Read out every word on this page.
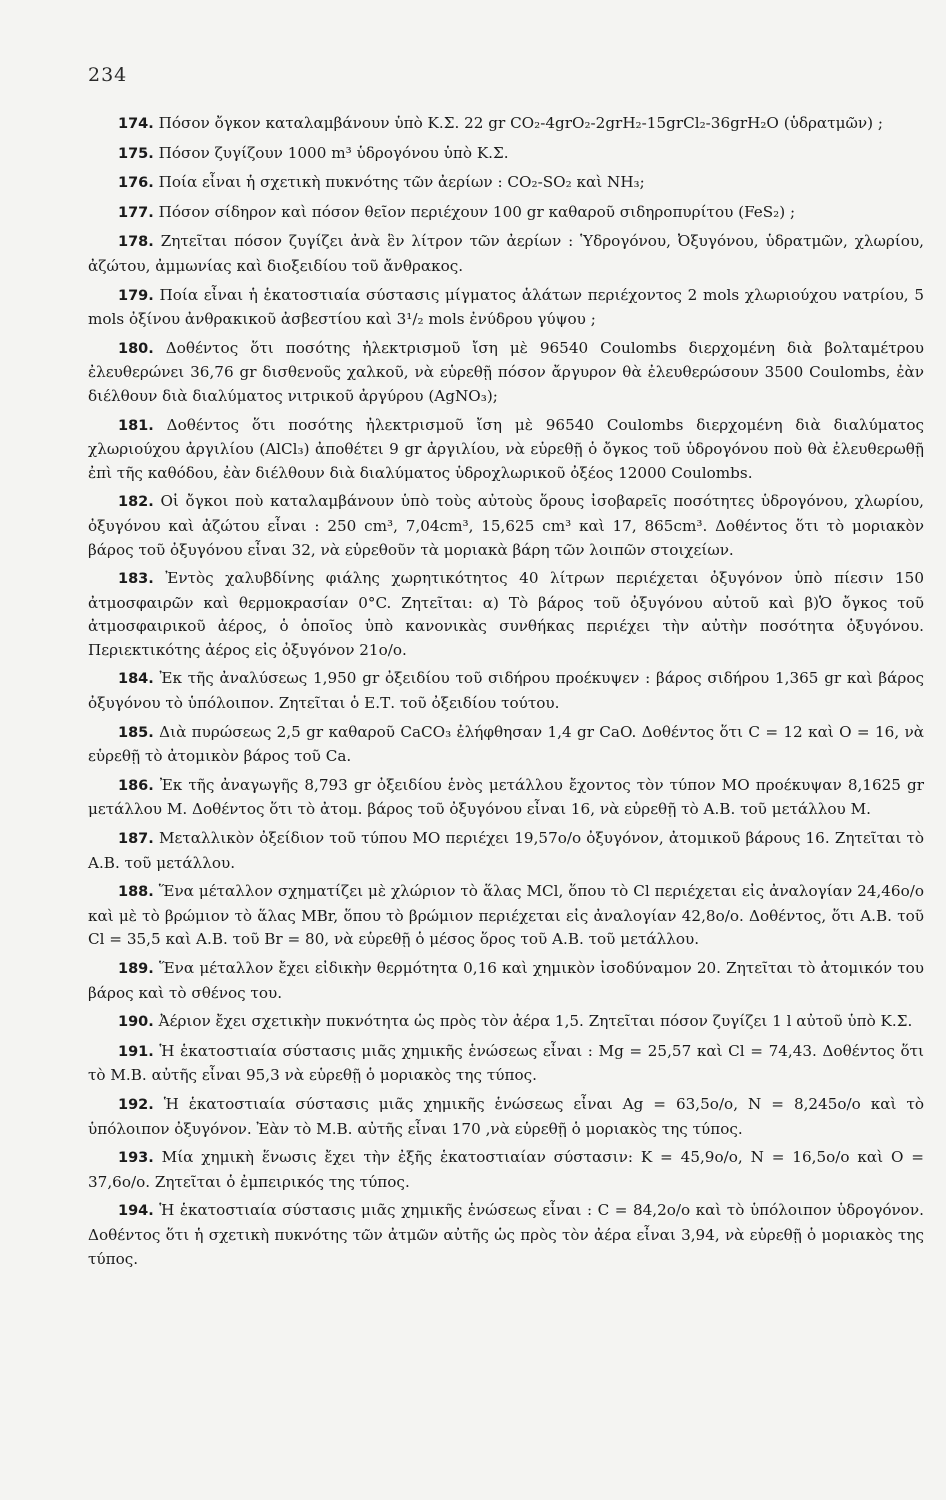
234

174. Πόσον ὄγκον καταλαμβάνουν ὑπὸ Κ.Σ. 22 gr CO₂-4grO₂-2grH₂-15grCl₂-36grH₂O (ὑδρατμῶν) ;

175. Πόσον ζυγίζουν 1000 m³ ὑδρογόνου ὑπὸ Κ.Σ.

176. Ποία εἶναι ἡ σχετικὴ πυκνότης τῶν ἀερίων : CO₂-SO₂ καὶ NH₃;

177. Πόσον σίδηρον καὶ πόσον θεῖον περιέχουν 100 gr καθαροῦ σιδηροπυρίτου (FeS₂) ;

178. Ζητεῖται πόσον ζυγίζει ἀνὰ ἓν λίτρον τῶν ἀερίων : Ὑδρογόνου, Ὀξυγόνου, ὑδρατμῶν, χλωρίου, ἀζώτου, ἀμμωνίας καὶ διοξειδίου τοῦ ἄνθρακος.

179. Ποία εἶναι ἡ ἑκατοστιαία σύστασις μίγματος ἁλάτων περιέχοντος 2 mols χλωριούχου νατρίου, 5 mols ὀξίνου ἀνθρακικοῦ ἀσβεστίου καὶ 3¹/₂ mols ἐνύδρου γύψου ;

180. Δοθέντος ὅτι ποσότης ἠλεκτρισμοῦ ἴση μὲ 96540 Coulombs διερχομένη διὰ βολταμέτρου ἐλευθερώνει 36,76 gr δισθενοῦς χαλκοῦ, νὰ εὑρεθῇ πόσον ἄργυρον θὰ ἐλευθερώσουν 3500 Coulombs, ἐὰν διέλθουν διὰ διαλύματος νιτρικοῦ ἀργύρου (AgNO₃);

181. Δοθέντος ὅτι ποσότης ἠλεκτρισμοῦ ἴση μὲ 96540 Coulombs διερχομένη διὰ διαλύματος χλωριούχου ἀργιλίου (AlCl₃) ἀποθέτει 9 gr ἀργιλίου, νὰ εὑρεθῇ ὁ ὄγκος τοῦ ὑδρογόνου ποὺ θὰ ἐλευθερωθῇ ἐπὶ τῆς καθόδου, ἐὰν διέλθουν διὰ διαλύματος ὑδροχλωρικοῦ ὀξέος 12000 Coulombs.

182. Οἱ ὄγκοι ποὺ καταλαμβάνουν ὑπὸ τοὺς αὐτοὺς ὅρους ἰσοβαρεῖς ποσότητες ὑδρογόνου, χλωρίου, ὀξυγόνου καὶ ἀζώτου εἶναι : 250 cm³, 7,04cm³, 15,625 cm³ καὶ 17, 865cm³. Δοθέντος ὅτι τὸ μοριακὸν βάρος τοῦ ὀξυγόνου εἶναι 32, νὰ εὑρεθοῦν τὰ μοριακὰ βάρη τῶν λοιπῶν στοιχείων.

183. Ἐντὸς χαλυβδίνης φιάλης χωρητικότητος 40 λίτρων περιέχεται ὀξυγόνον ὑπὸ πίεσιν 150 ἀτμοσφαιρῶν καὶ θερμοκρασίαν 0°C. Ζητεῖται: α) Τὸ βάρος τοῦ ὀξυγόνου αὐτοῦ καὶ β)Ὁ ὄγκος τοῦ ἀτμοσφαιρικοῦ ἀέρος, ὁ ὁποῖος ὑπὸ κανονικὰς συνθήκας περιέχει τὴν αὐτὴν ποσότητα ὀξυγόνου. Περιεκτικότης ἀέρος εἰς ὀξυγόνον 21ο/ο.

184. Ἐκ τῆς ἀναλύσεως 1,950 gr ὀξειδίου τοῦ σιδήρου προέκυψεν : βάρος σιδήρου 1,365 gr καὶ βάρος ὀξυγόνου τὸ ὑπόλοιπον. Ζητεῖται ὁ Ε.Τ. τοῦ ὀξειδίου τούτου.

185. Διὰ πυρώσεως 2,5 gr καθαροῦ CaCO₃ ἐλήφθησαν 1,4 gr CaO. Δοθέντος ὅτι C = 12 καὶ O = 16, νὰ εὑρεθῇ τὸ ἀτομικὸν βάρος τοῦ Ca.

186. Ἐκ τῆς ἀναγωγῆς 8,793 gr ὀξειδίου ἑνὸς μετάλλου ἔχοντος τὸν τύπον MO προέκυψαν 8,1625 gr μετάλλου M. Δοθέντος ὅτι τὸ ἀτομ. βάρος τοῦ ὀξυγόνου εἶναι 16, νὰ εὑρεθῇ τὸ Α.Β. τοῦ μετάλλου M.

187. Μεταλλικὸν ὀξείδιον τοῦ τύπου MO περιέχει 19,57ο/ο ὀξυγόνον, ἀτομικοῦ βάρους 16. Ζητεῖται τὸ Α.Β. τοῦ μετάλλου.

188. Ἕνα μέταλλον σχηματίζει μὲ χλώριον τὸ ἅλας MCl, ὅπου τὸ Cl περιέχεται εἰς ἀναλογίαν 24,46ο/ο καὶ μὲ τὸ βρώμιον τὸ ἅλας MBr, ὅπου τὸ βρώμιον περιέχεται εἰς ἀναλογίαν 42,8ο/ο. Δοθέντος, ὅτι Α.Β. τοῦ Cl = 35,5 καὶ Α.Β. τοῦ Br = 80, νὰ εὑρεθῇ ὁ μέσος ὅρος τοῦ Α.Β. τοῦ μετάλλου.

189. Ἕνα μέταλλον ἔχει εἰδικὴν θερμότητα 0,16 καὶ χημικὸν ἰσοδύναμον 20. Ζητεῖται τὸ ἀτομικόν του βάρος καὶ τὸ σθένος του.

190. Ἀέριον ἔχει σχετικὴν πυκνότητα ὡς πρὸς τὸν ἀέρα 1,5. Ζητεῖται πόσον ζυγίζει 1 l αὐτοῦ ὑπὸ Κ.Σ.

191. Ἡ ἑκατοστιαία σύστασις μιᾶς χημικῆς ἑνώσεως εἶναι : Mg = 25,57 καὶ Cl = 74,43. Δοθέντος ὅτι τὸ Μ.Β. αὐτῆς εἶναι 95,3 νὰ εὑρεθῇ ὁ μοριακὸς της τύπος.

192. Ἡ ἑκατοστιαία σύστασις μιᾶς χημικῆς ἑνώσεως εἶναι Ag = 63,5ο/ο, N = 8,245ο/ο καὶ τὸ ὑπόλοιπον ὀξυγόνον. Ἐὰν τὸ Μ.Β. αὐτῆς εἶναι 170 ,νὰ εὑρεθῇ ὁ μοριακὸς της τύπος.

193. Μία χημικὴ ἕνωσις ἔχει τὴν ἐξῆς ἑκατοστιαίαν σύστασιν: K = 45,9ο/ο, N = 16,5ο/ο καὶ O = 37,6ο/ο. Ζητεῖται ὁ ἐμπειρικός της τύπος.

194. Ἡ ἑκατοστιαία σύστασις μιᾶς χημικῆς ἑνώσεως εἶναι : C = 84,2ο/ο καὶ τὸ ὑπόλοιπον ὑδρογόνον. Δοθέντος ὅτι ἡ σχετικὴ πυκνότης τῶν ἀτμῶν αὐτῆς ὡς πρὸς τὸν ἀέρα εἶναι 3,94, νὰ εὑρεθῇ ὁ μοριακὸς της τύπος.
